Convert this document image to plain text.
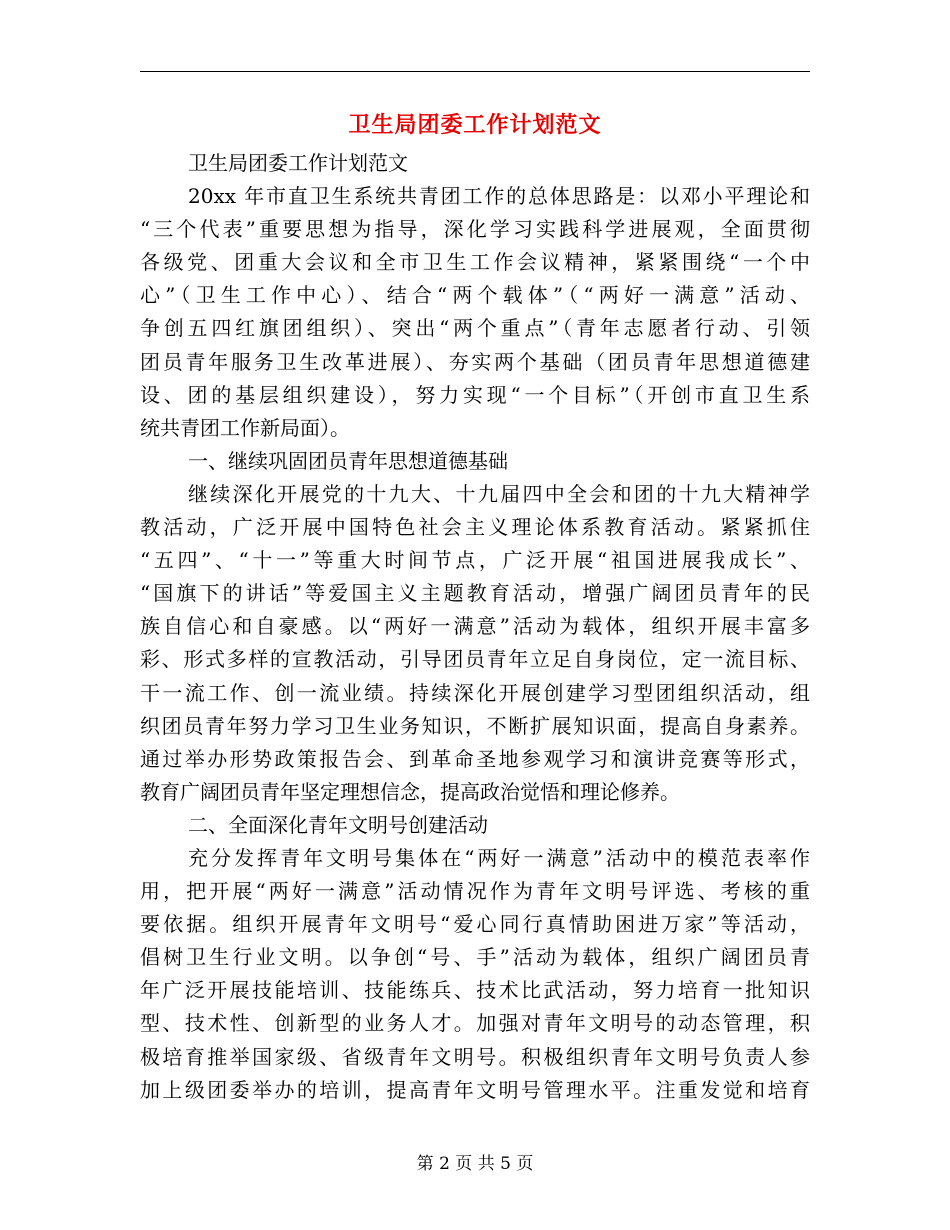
卫生局团委工作计划范文
卫生局团委工作计划范文
20xx 年市直卫生系统共青团工作的总体思路是：以邓小平理论和
“三个代表”重要思想为指导，深化学习实践科学进展观，全面贯彻
各级党、团重大会议和全市卫生工作会议精神，紧紧围绕“一个中
心”（卫生工作中心）、结合“两个载体”（“两好一满意”活动、
争创五四红旗团组织）、突出“两个重点”（青年志愿者行动、引领
团员青年服务卫生改革进展）、夯实两个基础（团员青年思想道德建
设、团的基层组织建设），努力实现“一个目标”（开创市直卫生系
统共青团工作新局面）。
一、继续巩固团员青年思想道德基础
继续深化开展党的十九大、十九届四中全会和团的十九大精神学
教活动，广泛开展中国特色社会主义理论体系教育活动。紧紧抓住
“五四”、“十一”等重大时间节点，广泛开展“祖国进展我成长”、
“国旗下的讲话”等爱国主义主题教育活动，增强广阔团员青年的民
族自信心和自豪感。以“两好一满意”活动为载体，组织开展丰富多
彩、形式多样的宣教活动，引导团员青年立足自身岗位，定一流目标、
干一流工作、创一流业绩。持续深化开展创建学习型团组织活动，组
织团员青年努力学习卫生业务知识，不断扩展知识面，提高自身素养。
通过举办形势政策报告会、到革命圣地参观学习和演讲竞赛等形式，
教育广阔团员青年坚定理想信念，提高政治觉悟和理论修养。
二、全面深化青年文明号创建活动
充分发挥青年文明号集体在“两好一满意”活动中的模范表率作
用，把开展“两好一满意”活动情况作为青年文明号评选、考核的重
要依据。组织开展青年文明号“爱心同行真情助困进万家”等活动，
倡树卫生行业文明。以争创“号、手”活动为载体，组织广阔团员青
年广泛开展技能培训、技能练兵、技术比武活动，努力培育一批知识
型、技术性、创新型的业务人才。加强对青年文明号的动态管理，积
极培育推举国家级、省级青年文明号。积极组织青年文明号负责人参
加上级团委举办的培训，提高青年文明号管理水平。注重发觉和培育
第 2 页 共 5 页
